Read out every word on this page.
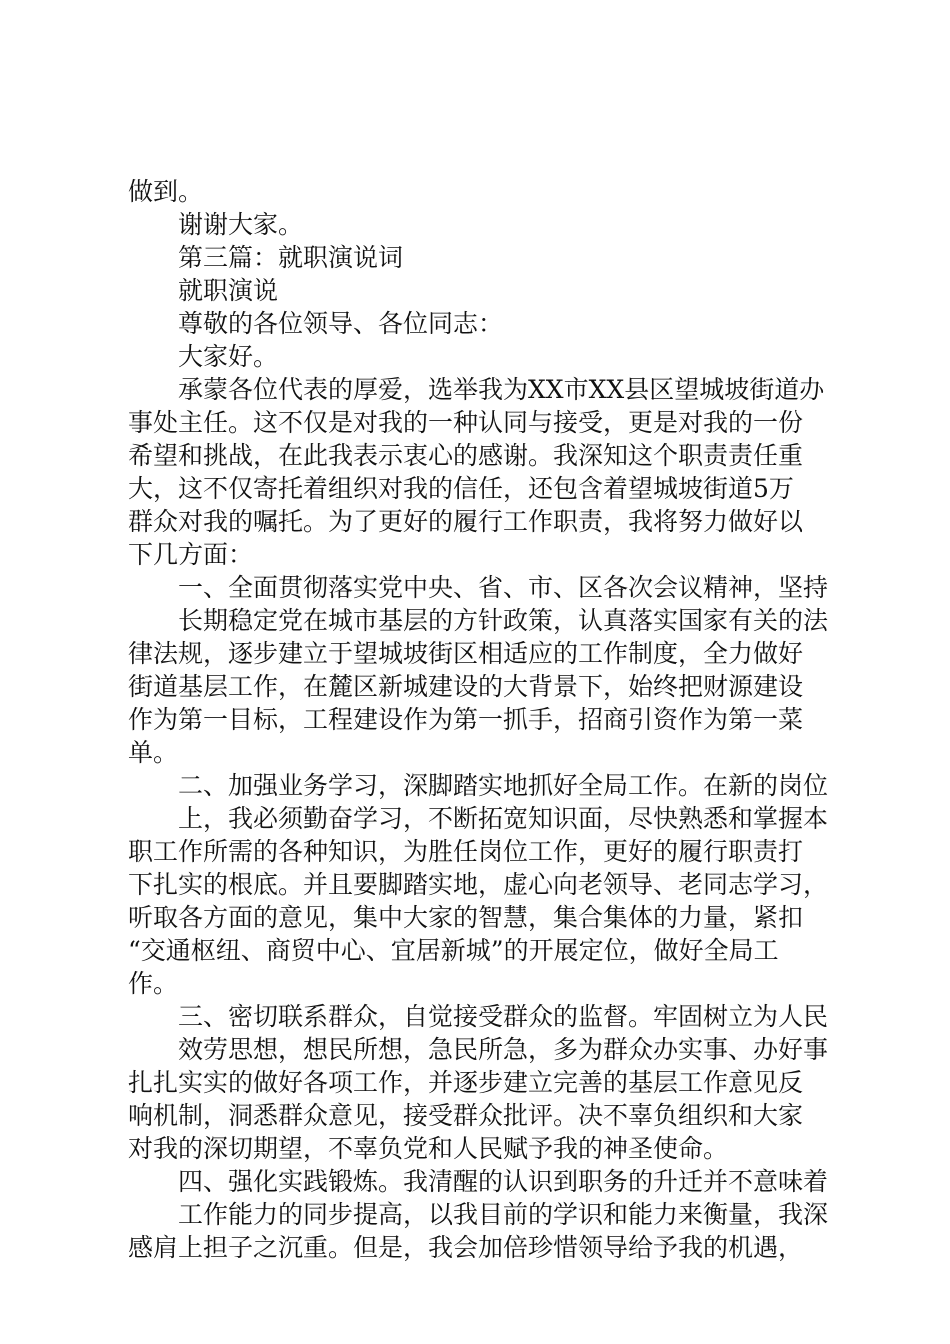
做到。
谢谢大家。
第三篇：就职演说词
就职演说
尊敬的各位领导、各位同志：
大家好。
承蒙各位代表的厚爱，选举我为XX市XX县区望城坡街道办
事处主任。这不仅是对我的一种认同与接受，更是对我的一份
希望和挑战，在此我表示衷心的感谢。我深知这个职责责任重
大，这不仅寄托着组织对我的信任，还包含着望城坡街道5万
群众对我的嘱托。为了更好的履行工作职责，我将努力做好以
下几方面：
一、全面贯彻落实党中央、省、市、区各次会议精神，坚持
长期稳定党在城市基层的方针政策，认真落实国家有关的法
律法规，逐步建立于望城坡街区相适应的工作制度，全力做好
街道基层工作，在麓区新城建设的大背景下，始终把财源建设
作为第一目标，工程建设作为第一抓手，招商引资作为第一菜
单。
二、加强业务学习，深脚踏实地抓好全局工作。在新的岗位
上，我必须勤奋学习，不断拓宽知识面，尽快熟悉和掌握本
职工作所需的各种知识，为胜任岗位工作，更好的履行职责打
下扎实的根底。并且要脚踏实地，虚心向老领导、老同志学习，
听取各方面的意见，集中大家的智慧，集合集体的力量，紧扣
“交通枢纽、商贸中心、宜居新城”的开展定位，做好全局工
作。
三、密切联系群众，自觉接受群众的监督。牢固树立为人民
效劳思想，想民所想，急民所急，多为群众办实事、办好事
扎扎实实的做好各项工作，并逐步建立完善的基层工作意见反
响机制，洞悉群众意见，接受群众批评。决不辜负组织和大家
对我的深切期望，不辜负党和人民赋予我的神圣使命。
四、强化实践锻炼。我清醒的认识到职务的升迁并不意味着
工作能力的同步提高，以我目前的学识和能力来衡量，我深
感肩上担子之沉重。但是，我会加倍珍惜领导给予我的机遇，
